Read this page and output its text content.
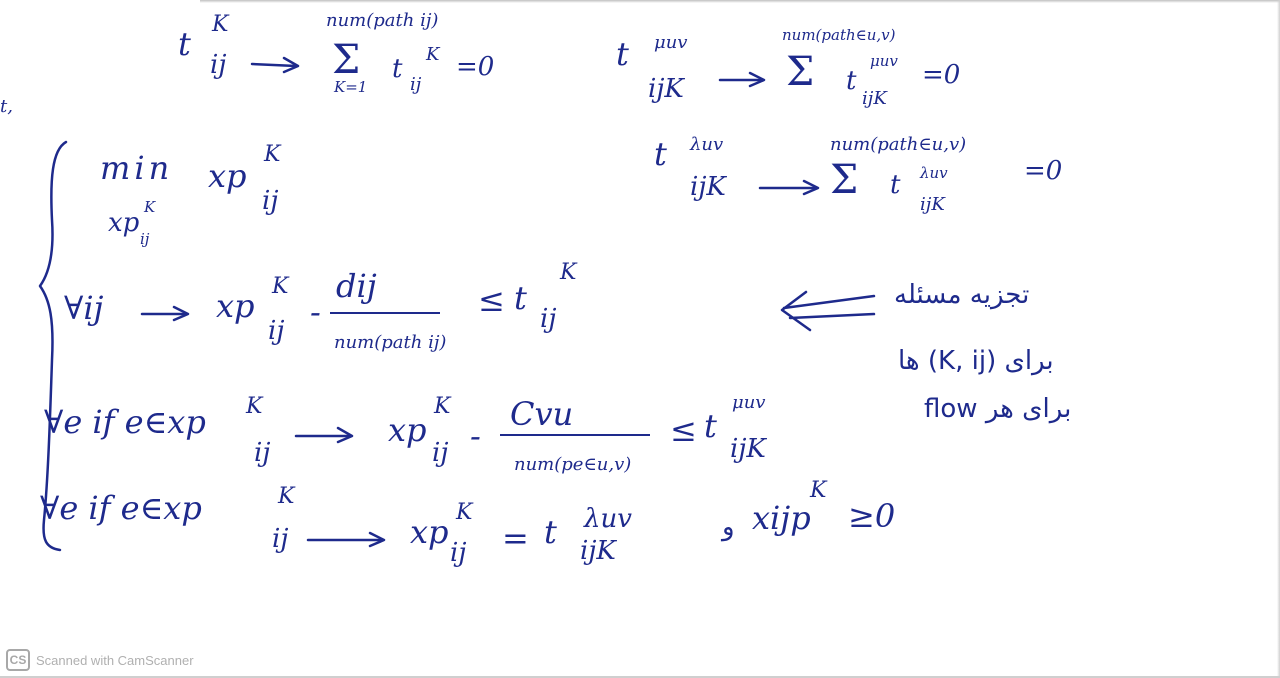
t,
t
K
ij
num(path ij)
Σ
K=1
t K
ij
=0	t μuv
ijK
num(path∈u,v)
Σ t
μuv
ijK
=0
t λuv
ijK
num(path∈u,v)
Σ t λuv
ijK
=0
min xp
K
ij
xp
K
ij
∀ij	xp
K
ij -
dij
num(path ij)
≤ t
K
ij
∀e if e∈xp K
ij
xp
K
ij -
Cvu
num(pe∈u,v)
≤ t
μuv
ijK
∀e if e∈xp	K
ij	xp
K
ij = t λuv
ijK
و xijp
K
≥0
تجزیه مسئله
برای (K, ij) ها
برای هر flow
CS Scanned with CamScanner
